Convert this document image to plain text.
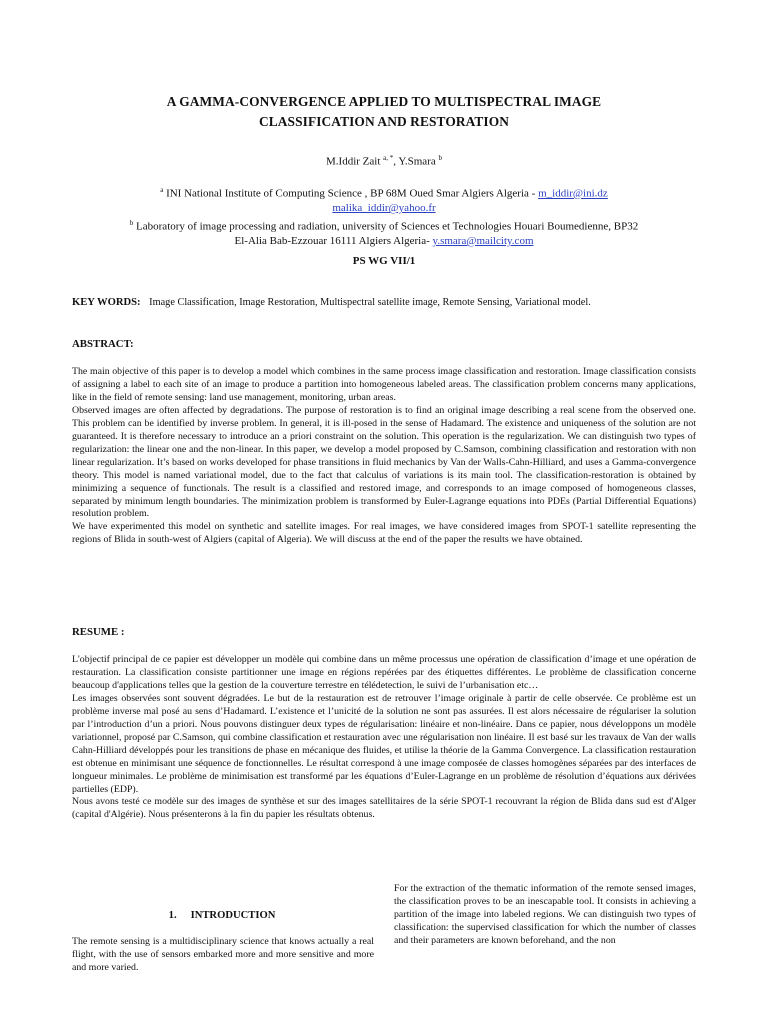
A GAMMA-CONVERGENCE APPLIED TO MULTISPECTRAL IMAGE
CLASSIFICATION AND RESTORATION
M.Iddir Zait $^{a, *}$, Y.Smara $^b$
$^a$ INI National Institute of Computing Science , BP 68M Oued Smar Algiers Algeria - m_iddir@ini.dz
malika_iddir@yahoo.fr
$^b$ Laboratory of image processing and radiation, university of Sciences et Technologies Houari Boumedienne, BP32
El-Alia Bab-Ezzouar 16111 Algiers Algeria- y.smara@mailcity.com
PS WG VII/1
KEY WORDS: Image Classification, Image Restoration, Multispectral satellite image, Remote Sensing, Variational model.
ABSTRACT:

The main objective of this paper is to develop a model which combines in the same process image classification and restoration. Image classification consists of assigning a label to each site of an image to produce a partition into homogeneous labeled areas. The classification problem concerns many applications, like in the field of remote sensing: land use management, monitoring, urban areas.

Observed images are often affected by degradations. The purpose of restoration is to find an original image describing a real scene from the observed one. This problem can be identified by inverse problem. In general, it is ill-posed in the sense of Hadamard. The existence and uniqueness of the solution are not guaranteed. It is therefore necessary to introduce an a priori constraint on the solution. This operation is the regularization. We can distinguish two types of regularization: the linear one and the non-linear. In this paper, we develop a model proposed by C.Samson, combining classification and restoration with non linear regularization. It’s based on works developed for phase transitions in fluid mechanics by Van der Walls-Cahn-Hilliard, and uses a Gamma-convergence theory. This model is named variational model, due to the fact that calculus of variations is its main tool. The classification-restoration is obtained by minimizing a sequence of functionals. The result is a classified and restored image, and corresponds to an image composed of homogeneous classes, separated by minimum length boundaries. The minimization problem is transformed by Euler-Lagrange equations into PDEs (Partial Differential Equations) resolution problem.

We have experimented this model on synthetic and satellite images. For real images, we have considered images from SPOT-1 satellite representing the regions of Blida in south-west of Algiers (capital of Algeria). We will discuss at the end of the paper the results we have obtained.

RESUME :

L'objectif principal de ce papier est développer un modèle qui combine dans un même processus une opération de classification d’image et une opération de restauration. La classification consiste partitionner une image en régions repérées par des étiquettes différentes. Le problème de classification concerne beaucoup d'applications telles que la gestion de la couverture terrestre en télédetection, le suivi de l’urbanisation etc…

Les images observées sont souvent dégradées. Le but de la restauration est de retrouver l’image originale à partir de celle observée. Ce problème est un problème inverse mal posé au sens d’Hadamard. L’existence et l’unicité de la solution ne sont pas assurées. Il est alors nécessaire de régulariser la solution par l’introduction d’un a priori. Nous pouvons distinguer deux types de régularisation: linéaire et non-linéaire. Dans ce papier, nous développons un modèle variationnel, proposé par C.Samson, qui combine classification et restauration avec une régularisation non linéaire. Il est basé sur les travaux de Van der walls Cahn-Hilliard développés pour les transitions de phase en mécanique des fluides, et utilise la théorie de la Gamma Convergence. La classification restauration est obtenue en minimisant une séquence de fonctionnelles. Le résultat correspond à une image composée de classes homogènes séparées par des interfaces de longueur minimales. Le problème de minimisation est transformé par les équations d’Euler-Lagrange en un problème de résolution d’équations aux dérivées partielles (EDP).

Nous avons testé ce modèle sur des images de synthèse et sur des images satellitaires de la série SPOT-1 recouvrant la région de Blida dans sud est d'Alger (capital d'Algérie). Nous présenterons à la fin du papier les résultats obtenus.

1. INTRODUCTION

The remote sensing is a multidisciplinary science that knows actually a real flight, with the use of sensors embarked more and more sensitive and more and more varied.

For the extraction of the thematic information of the remote sensed images, the classification proves to be an inescapable tool. It consists in achieving a partition of the image into labeled regions. We can distinguish two types of classification: the supervised classification for which the number of classes and their parameters are known beforehand, and the non
